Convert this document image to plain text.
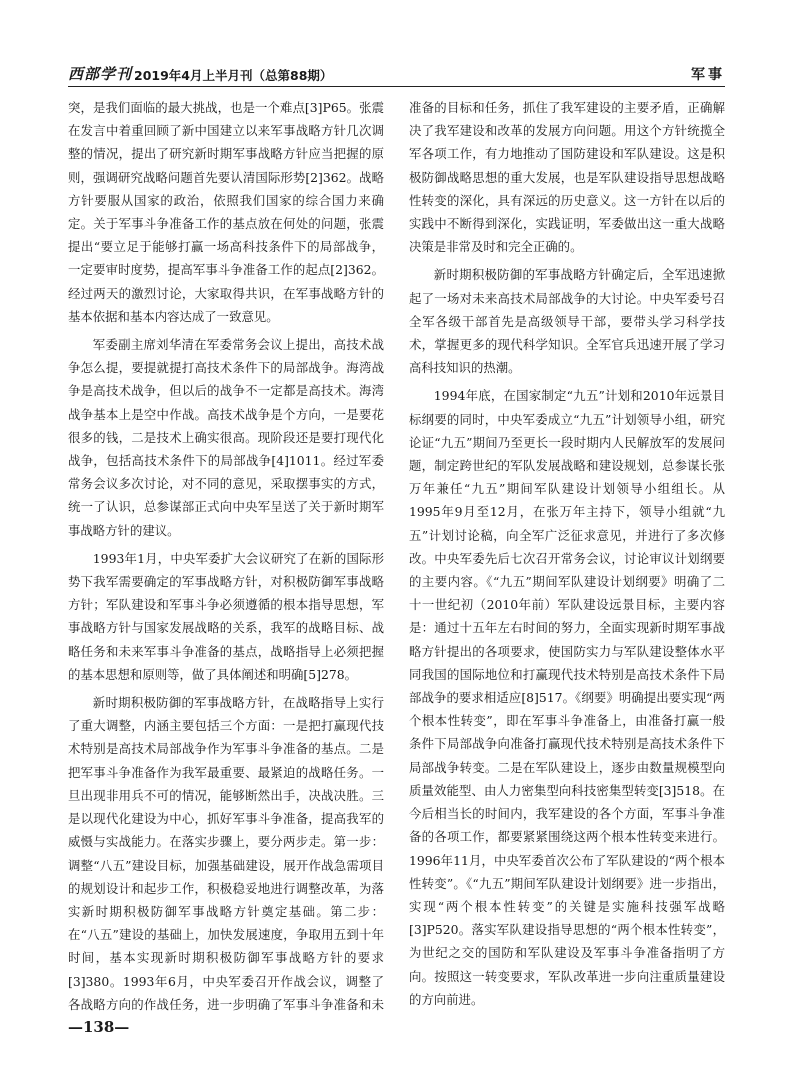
西部学刊 2019年4月上半月刊（总第88期）	军事

突，是我们面临的最大挑战，也是一个难点[3]P65。张震在发言中着重回顾了新中国建立以来军事战略方针几次调整的情况，提出了研究新时期军事战略方针应当把握的原则，强调研究战略问题首先要认清国际形势[2]362。战略方针要服从国家的政治，依照我们国家的综合国力来确定。关于军事斗争准备工作的基点放在何处的问题，张震提出“要立足于能够打赢一场高科技条件下的局部战争，一定要审时度势，提高军事斗争准备工作的起点[2]362。经过两天的激烈讨论，大家取得共识，在军事战略方针的基本依据和基本内容达成了一致意见。

军委副主席刘华清在军委常务会议上提出，高技术战争怎么提，要提就提打高技术条件下的局部战争。海湾战争是高技术战争，但以后的战争不一定都是高技术。海湾战争基本上是空中作战。高技术战争是个方向，一是要花很多的钱，二是技术上确实很高。现阶段还是要打现代化战争，包括高技术条件下的局部战争[4]1011。经过军委常务会议多次讨论，对不同的意见，采取摆事实的方式，统一了认识，总参谋部正式向中央军呈送了关于新时期军事战略方针的建议。

1993年1月，中央军委扩大会议研究了在新的国际形势下我军需要确定的军事战略方针，对积极防御军事战略方针；军队建设和军事斗争必须遵循的根本指导思想，军事战略方针与国家发展战略的关系，我军的战略目标、战略任务和未来军事斗争准备的基点，战略指导上必须把握的基本思想和原则等，做了具体阐述和明确[5]278。

新时期积极防御的军事战略方针，在战略指导上实行了重大调整，内涵主要包括三个方面：一是把打赢现代技术特别是高技术局部战争作为军事斗争准备的基点。二是把军事斗争准备作为我军最重要、最紧迫的战略任务。一旦出现非用兵不可的情况，能够断然出手，决战决胜。三是以现代化建设为中心，抓好军事斗争准备，提高我军的威慑与实战能力。在落实步骤上，要分两步走。第一步：调整“八五”建设目标，加强基础建设，展开作战急需项目的规划设计和起步工作，积极稳妥地进行调整改革，为落实新时期积极防御军事战略方针奠定基础。第二步：在“八五”建设的基础上，加快发展速度，争取用五到十年时间，基本实现新时期积极防御军事战略方针的要求[3]380。1993年6月，中央军委召开作战会议，调整了各战略方向的作战任务，进一步明确了军事斗争准备和未

准备的目标和任务，抓住了我军建设的主要矛盾，正确解决了我军建设和改革的发展方向问题。用这个方针统揽全军各项工作，有力地推动了国防建设和军队建设。这是积极防御战略思想的重大发展，也是军队建设指导思想战略性转变的深化，具有深远的历史意义。这一方针在以后的实践中不断得到深化，实践证明，军委做出这一重大战略决策是非常及时和完全正确的。

新时期积极防御的军事战略方针确定后，全军迅速掀起了一场对未来高技术局部战争的大讨论。中央军委号召全军各级干部首先是高级领导干部，要带头学习科学技术，掌握更多的现代科学知识。全军官兵迅速开展了学习高科技知识的热潮。

1994年底，在国家制定“九五”计划和2010年远景目标纲要的同时，中央军委成立“九五”计划领导小组，研究论证“九五”期间乃至更长一段时期内人民解放军的发展问题，制定跨世纪的军队发展战略和建设规划，总参谋长张万年兼任“九五”期间军队建设计划领导小组组长。从1995年9月至12月，在张万年主持下，领导小组就“九五”计划讨论稿，向全军广泛征求意见，并进行了多次修改。中央军委先后七次召开常务会议，讨论审议计划纲要的主要内容。《“九五”期间军队建设计划纲要》明确了二十一世纪初（2010年前）军队建设远景目标，主要内容是：通过十五年左右时间的努力，全面实现新时期军事战略方针提出的各项要求，使国防实力与军队建设整体水平同我国的国际地位和打赢现代技术特别是高技术条件下局部战争的要求相适应[8]517。《纲要》明确提出要实现“两个根本性转变”，即在军事斗争准备上，由准备打赢一般条件下局部战争向准备打赢现代技术特别是高技术条件下局部战争转变。二是在军队建设上，逐步由数量规模型向质量效能型、由人力密集型向科技密集型转变[3]518。在今后相当长的时间内，我军建设的各个方面，军事斗争准备的各项工作，都要紧紧围绕这两个根本性转变来进行。1996年11月，中央军委首次公布了军队建设的“两个根本性转变”。《“九五”期间军队建设计划纲要》进一步指出，实现“两个根本性转变”的关键是实施科技强军战略[3]P520。落实军队建设指导思想的“两个根本性转变”，为世纪之交的国防和军队建设及军事斗争准备指明了方向。按照这一转变要求，军队改革进一步向注重质量建设的方向前进。

—138—
